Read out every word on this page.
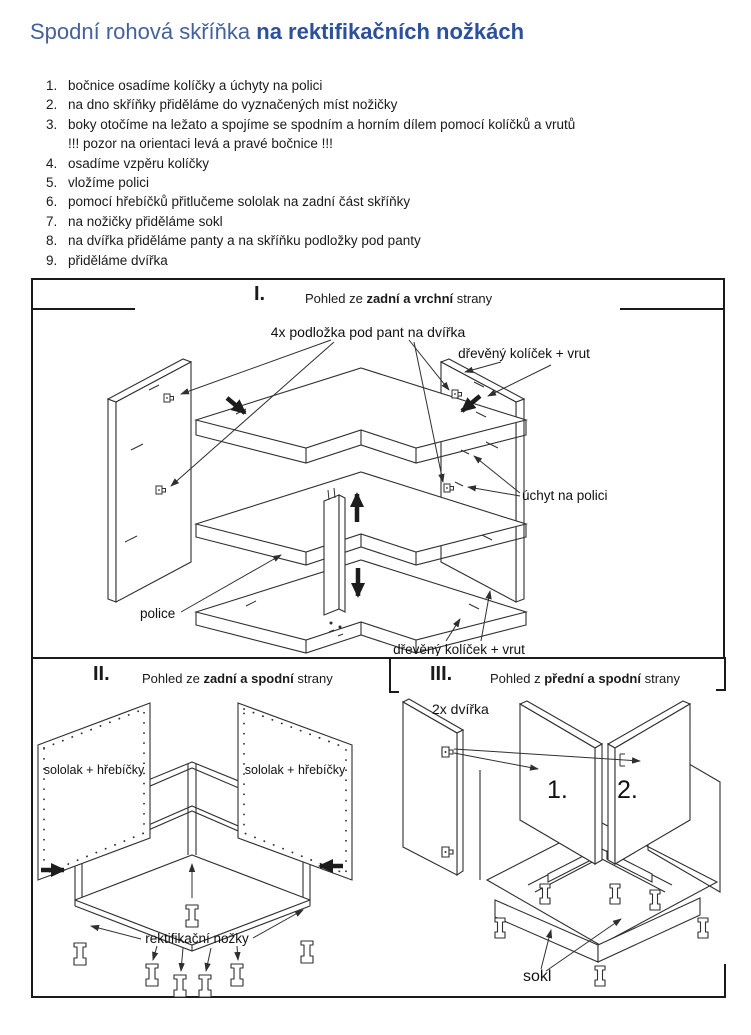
Spodní rohová skříňka na rektifikačních nožkách
1. bočnice osadíme kolíčky a úchyty na polici
2. na dno skříňky přiděláme do vyznačených míst nožičky
3. boky otočíme na ležato a spojíme se spodním a horním dílem pomocí kolíčků a vrutů
!!! pozor na orientaci levá a pravé bočnice !!!
4. osadíme vzpěru kolíčky
5. vložíme polici
6. pomocí hřebíčků přitlučeme sololak na zadní část skříňky
7. na nožičky přiděláme sokl
8. na dvířka přiděláme panty a na skříňku podložky pod panty
9. přiděláme dvířka
I.	Pohled ze zadní a vrchní strany
II. Pohled ze zadní a spodní strany	III.	Pohled z přední a spodní strany
4x podložka pod pant na dvířka
dřevěný kolíček + vrut
úchyt na polici
police
dřevěný kolíček + vrut
sololak + hřebíčky	sololak + hřebíčky
rektifikační nožky
2x dvířka
1. 2.
sokl
